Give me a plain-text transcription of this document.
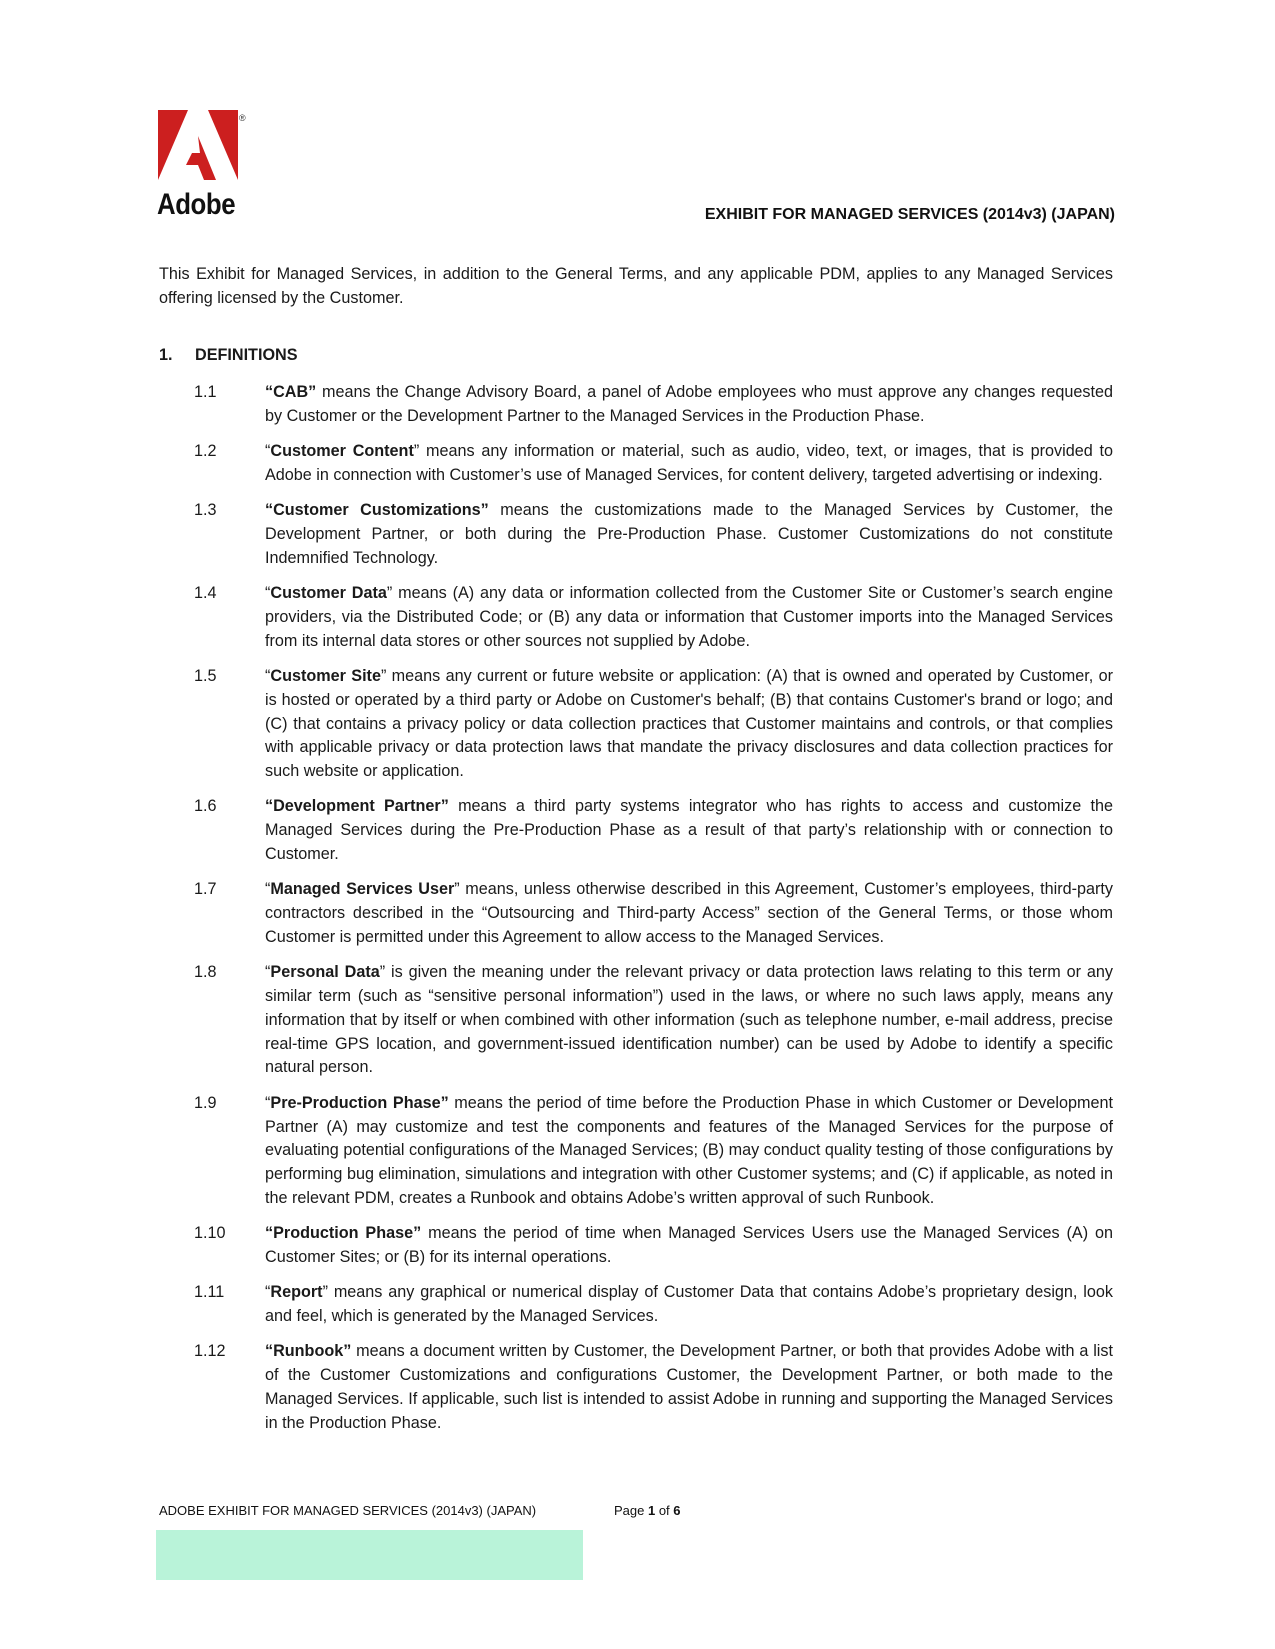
®
Adobe	EXHIBIT FOR MANAGED SERVICES (2014v3) (JAPAN)

This Exhibit for Managed Services, in addition to the General Terms, and any applicable PDM, applies to any Managed Services offering licensed by the Customer.

1. DEFINITIONS
1.1	“CAB” means the Change Advisory Board, a panel of Adobe employees who must approve any changes requested by Customer or the Development Partner to the Managed Services in the Production Phase.

1.2	“Customer Content” means any information or material, such as audio, video, text, or images, that is provided to Adobe in connection with Customer’s use of Managed Services, for content delivery, targeted advertising or indexing.

1.3	“Customer Customizations” means the customizations made to the Managed Services by Customer, the Development Partner, or both during the Pre-Production Phase. Customer Customizations do not constitute Indemnified Technology.

1.4	“Customer Data” means (A) any data or information collected from the Customer Site or Customer’s search engine providers, via the Distributed Code; or (B) any data or information that Customer imports into the Managed Services from its internal data stores or other sources not supplied by Adobe.

1.5	“Customer Site” means any current or future website or application: (A) that is owned and operated by Customer, or is hosted or operated by a third party or Adobe on Customer's behalf; (B) that contains Customer's brand or logo; and (C) that contains a privacy policy or data collection practices that Customer maintains and controls, or that complies with applicable privacy or data protection laws that mandate the privacy disclosures and data collection practices for such website or application.

1.6	“Development Partner” means a third party systems integrator who has rights to access and customize the Managed Services during the Pre-Production Phase as a result of that party’s relationship with or connection to Customer.

1.7	“Managed Services User” means, unless otherwise described in this Agreement, Customer’s employees, third-party contractors described in the “Outsourcing and Third-party Access” section of the General Terms, or those whom Customer is permitted under this Agreement to allow access to the Managed Services.

1.8	“Personal Data” is given the meaning under the relevant privacy or data protection laws relating to this term or any similar term (such as “sensitive personal information”) used in the laws, or where no such laws apply, means any information that by itself or when combined with other information (such as telephone number, e-mail address, precise real-time GPS location, and government-issued identification number) can be used by Adobe to identify a specific natural person.

1.9	“Pre-Production Phase” means the period of time before the Production Phase in which Customer or Development Partner (A) may customize and test the components and features of the Managed Services for the purpose of evaluating potential configurations of the Managed Services; (B) may conduct quality testing of those configurations by performing bug elimination, simulations and integration with other Customer systems; and (C) if applicable, as noted in the relevant PDM, creates a Runbook and obtains Adobe’s written approval of such Runbook.

1.10	“Production Phase” means the period of time when Managed Services Users use the Managed Services (A) on Customer Sites; or (B) for its internal operations.

1.11	“Report” means any graphical or numerical display of Customer Data that contains Adobe’s proprietary design, look and feel, which is generated by the Managed Services.

1.12	“Runbook” means a document written by Customer, the Development Partner, or both that provides Adobe with a list of the Customer Customizations and configurations Customer, the Development Partner, or both made to the Managed Services. If applicable, such list is intended to assist Adobe in running and supporting the Managed Services in the Production Phase.

ADOBE EXHIBIT FOR MANAGED SERVICES (2014v3) (JAPAN)	Page 1 of 6
